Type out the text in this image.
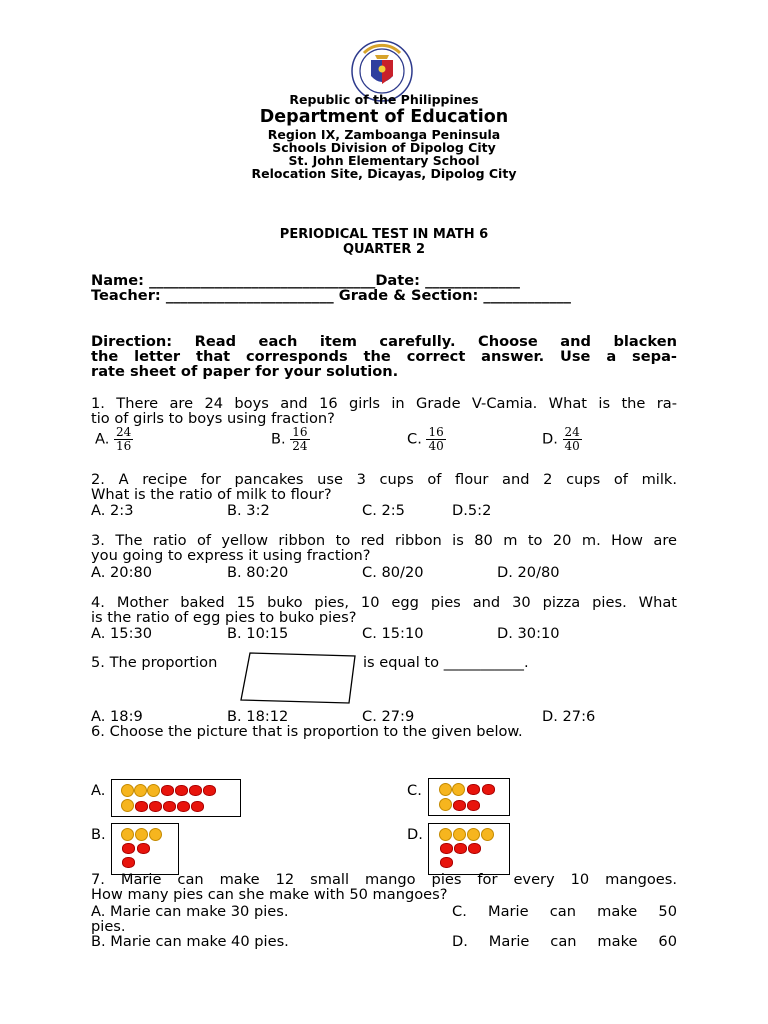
Republic of the Philippines
Department of Education
Region IX, Zamboanga Peninsula
Schools Division of Dipolog City
St. John Elementary School
Relocation Site, Dicayas, Dipolog City
PERIODICAL TEST IN MATH 6
QUARTER 2
Name: _______________________________Date: _____________
Teacher: _______________________ Grade & Section: ____________
Direction: Read each item carefully. Choose and blacken
the letter that corresponds the correct answer. Use a sepa-
rate sheet of paper for your solution.
1. There are 24 boys and 16 girls in Grade V-Camia. What is the ra-
tio of girls to boys using fraction?
A. $\frac{24}{16}$	B. $\frac{16}{24}$	C. $\frac{16}{40}$	D. $\frac{24}{40}$
2. A recipe for pancakes use 3 cups of flour and 2 cups of milk.
What is the ratio of milk to flour?
A. 2:3	B. 3:2	C. 2:5	D.5:2
3. The ratio of yellow ribbon to red ribbon is 80 m to 20 m. How are
you going to express it using fraction?
A. 20:80	B. 80:20	C. 80/20	D. 20/80
4. Mother baked 15 buko pies, 10 egg pies and 30 pizza pies. What
is the ratio of egg pies to buko pies?
A. 15:30	B. 10:15	C. 15:10	D. 30:10
5. The proportion	is equal to ___________.
A. 18:9	B. 18:12	C. 27:9	D. 27:6
6. Choose the picture that is proportion to the given below.
A.	C.
B.	D.
7. Marie can make 12 small mango pies for every 10 mangoes.
How many pies can she make with 50 mangoes?
A. Marie can make 30 pies.	C. Marie can make 50
pies.
B. Marie can make 40 pies.	D. Marie can make 60
